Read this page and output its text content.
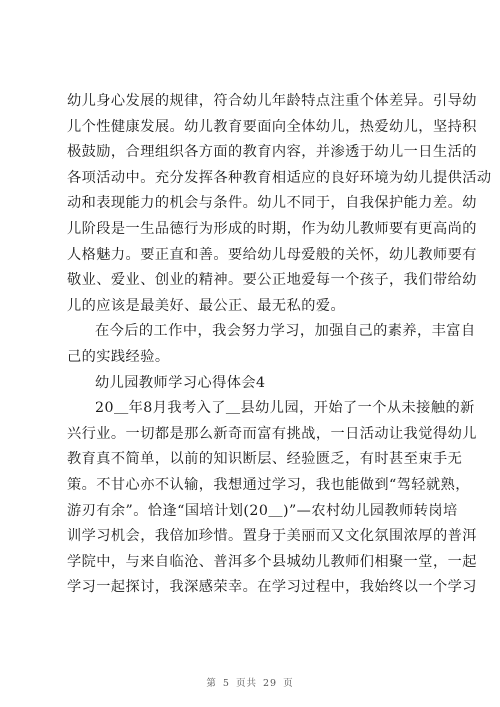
幼儿身心发展的规律，符合幼儿年龄特点注重个体差异。引导幼
儿个性健康发展。幼儿教育要面向全体幼儿，热爱幼儿，坚持积
极鼓励，合理组织各方面的教育内容，并渗透于幼儿一日生活的
各项活动中。充分发挥各种教育相适应的良好环境为幼儿提供活动
动和表现能力的机会与条件。幼儿不同于，自我保护能力差。幼
儿阶段是一生品德行为形成的时期，作为幼儿教师要有更高尚的
人格魅力。要正直和善。要给幼儿母爱般的关怀，幼儿教师要有
敬业、爱业、创业的精神。要公正地爱每一个孩子，我们带给幼
儿的应该是最美好、最公正、最无私的爱。
在今后的工作中，我会努力学习，加强自己的素养，丰富自
己的实践经验。
幼儿园教师学习心得体会4
20＿年8月我考入了＿县幼儿园，开始了一个从未接触的新
兴行业。一切都是那么新奇而富有挑战，一日活动让我觉得幼儿
教育真不简单，以前的知识断层、经验匮乏，有时甚至束手无
策。不甘心亦不认输，我想通过学习，我也能做到“驾轻就熟，
游刃有余”。恰逢“国培计划(20＿)”—农村幼儿园教师转岗培
训学习机会，我倍加珍惜。置身于美丽而又文化氛围浓厚的普洱
学院中，与来自临沧、普洱多个县城幼儿教师们相聚一堂，一起
学习一起探讨，我深感荣幸。在学习过程中，我始终以一个学习
第 5 页共 29 页
